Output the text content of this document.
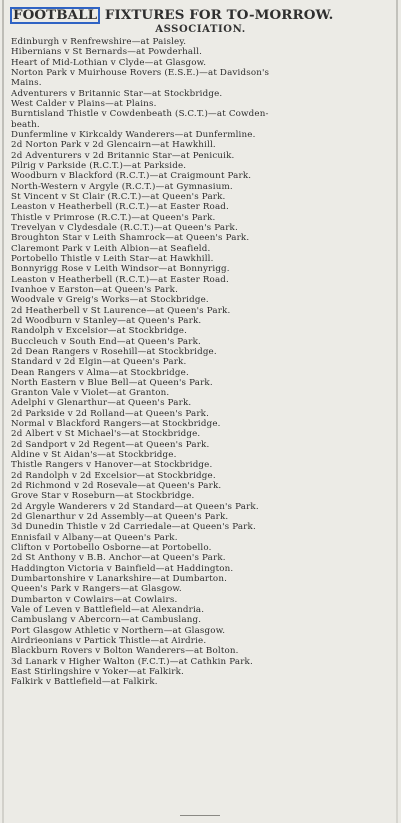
FOOTBALL FIXTURES FOR TO-MORROW.
ASSOCIATION.
Edinburgh v Renfrewshire—at Paisley.
Hibernians v St Bernards—at Powderhall.
Heart of Mid-Lothian v Clyde—at Glasgow.
Norton Park v Muirhouse Rovers (E.S.E.)—at Davidson's
Mains.
Adventurers v Britannic Star—at Stockbridge.
West Calder v Plains—at Plains.
Burntisland Thistle v Cowdenbeath (S.C.T.)—at Cowden-
beath.
Dunfermline v Kirkcaldy Wanderers—at Dunfermline.
2d Norton Park v 2d Glencairn—at Hawkhill.
2d Adventurers v 2d Britannic Star—at Penicuik.
Pilrig v Parkside (R.C.T.)—at Parkside.
Woodburn v Blackford (R.C.T.)—at Craigmount Park.
North-Western v Argyle (R.C.T.)—at Gymnasium.
St Vincent v St Clair (R.C.T.)—at Queen's Park.
Leaston v Heatherbell (R.C.T.)—at Easter Road.
Thistle v Primrose (R.C.T.)—at Queen's Park.
Trevelyan v Clydesdale (R.C.T.)—at Queen's Park.
Broughton Star v Leith Shamrock—at Queen's Park.
Claremont Park v Leith Albion—at Seafield.
Portobello Thistle v Leith Star—at Hawkhill.
Bonnyrigg Rose v Leith Windsor—at Bonnyrigg.
Leaston v Heatherbell (R.C.T.)—at Easter Road.
Ivanhoe v Earston—at Queen's Park.
Woodvale v Greig's Works—at Stockbridge.
2d Heatherbell v St Laurence—at Queen's Park.
2d Woodburn v Stanley—at Queen's Park.
Randolph v Excelsior—at Stockbridge.
Buccleuch v South End—at Queen's Park.
2d Dean Rangers v Rosehill—at Stockbridge.
Standard v 2d Elgin—at Queen's Park.
Dean Rangers v Alma—at Stockbridge.
North Eastern v Blue Bell—at Queen's Park.
Granton Vale v Violet—at Granton.
Adelphi v Glenarthur—at Queen's Park.
2d Parkside v 2d Rolland—at Queen's Park.
Normal v Blackford Rangers—at Stockbridge.
2d Albert v St Michael's—at Stockbridge.
2d Sandport v 2d Regent—at Queen's Park.
Aldine v St Aidan's—at Stockbridge.
Thistle Rangers v Hanover—at Stockbridge.
2d Randolph v 2d Excelsior—at Stockbridge.
2d Richmond v 2d Rosevale—at Queen's Park.
Grove Star v Roseburn—at Stockbridge.
2d Argyle Wanderers v 2d Standard—at Queen's Park.
2d Glenarthur v 2d Assembly—at Queen's Park.
3d Dunedin Thistle v 2d Carriedale—at Queen's Park.
Ennisfail v Albany—at Queen's Park.
Clifton v Portobello Osborne—at Portobello.
2d St Anthony v B.B. Anchor—at Queen's Park.
Haddington Victoria v Bainfield—at Haddington.
Dumbartonshire v Lanarkshire—at Dumbarton.
Queen's Park v Rangers—at Glasgow.
Dumbarton v Cowlairs—at Cowlairs.
Vale of Leven v Battlefield—at Alexandria.
Cambuslang v Abercorn—at Cambuslang.
Port Glasgow Athletic v Northern—at Glasgow.
Airdrieonians v Partick Thistle—at Airdrie.
Blackburn Rovers v Bolton Wanderers—at Bolton.
3d Lanark v Higher Walton (F.C.T.)—at Cathkin Park.
East Stirlingshire v Yoker—at Falkirk.
Falkirk v Battlefield—at Falkirk.
